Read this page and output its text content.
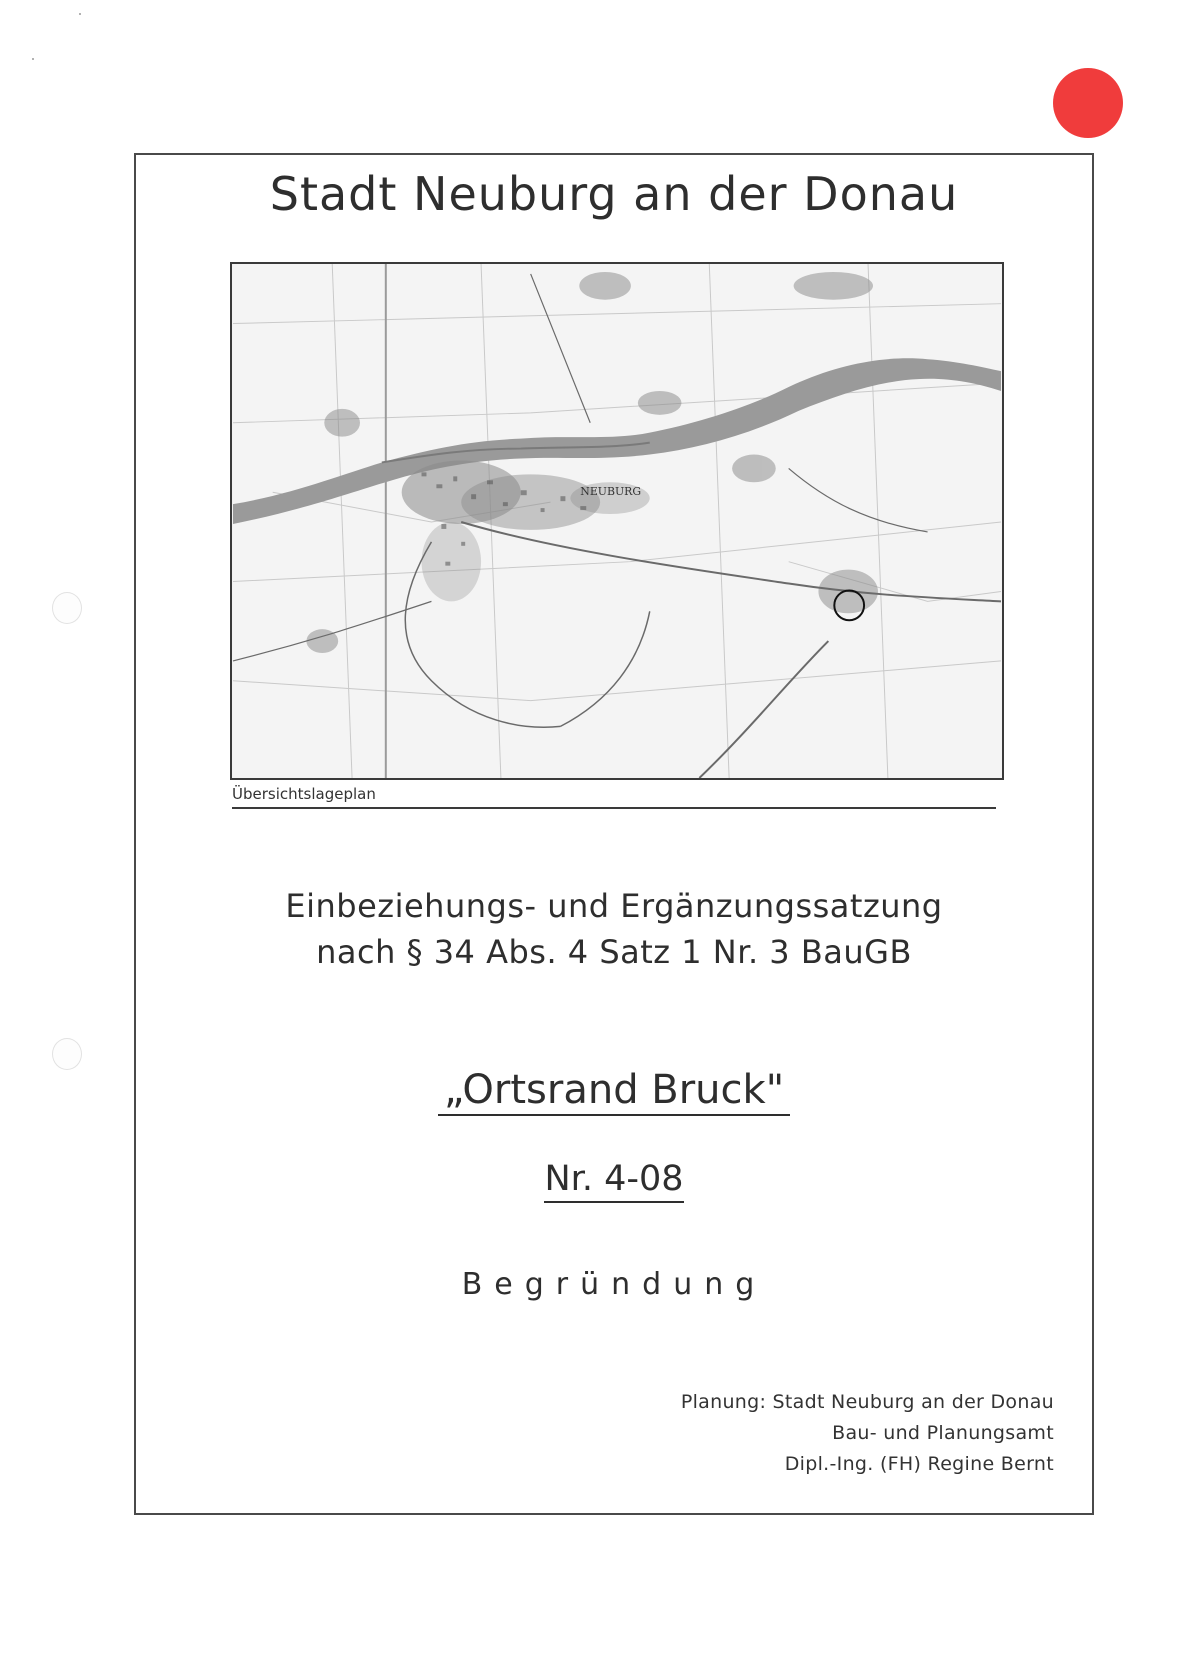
Stadt Neuburg an der Donau
NEUBURG
Übersichtslageplan
Einbeziehungs- und Ergänzungssatzung
nach § 34 Abs. 4 Satz 1 Nr. 3 BauGB
„Ortsrand Bruck"
Nr. 4-08
Begründung
Planung: Stadt Neuburg an der Donau
Bau- und Planungsamt
Dipl.-Ing. (FH) Regine Bernt
